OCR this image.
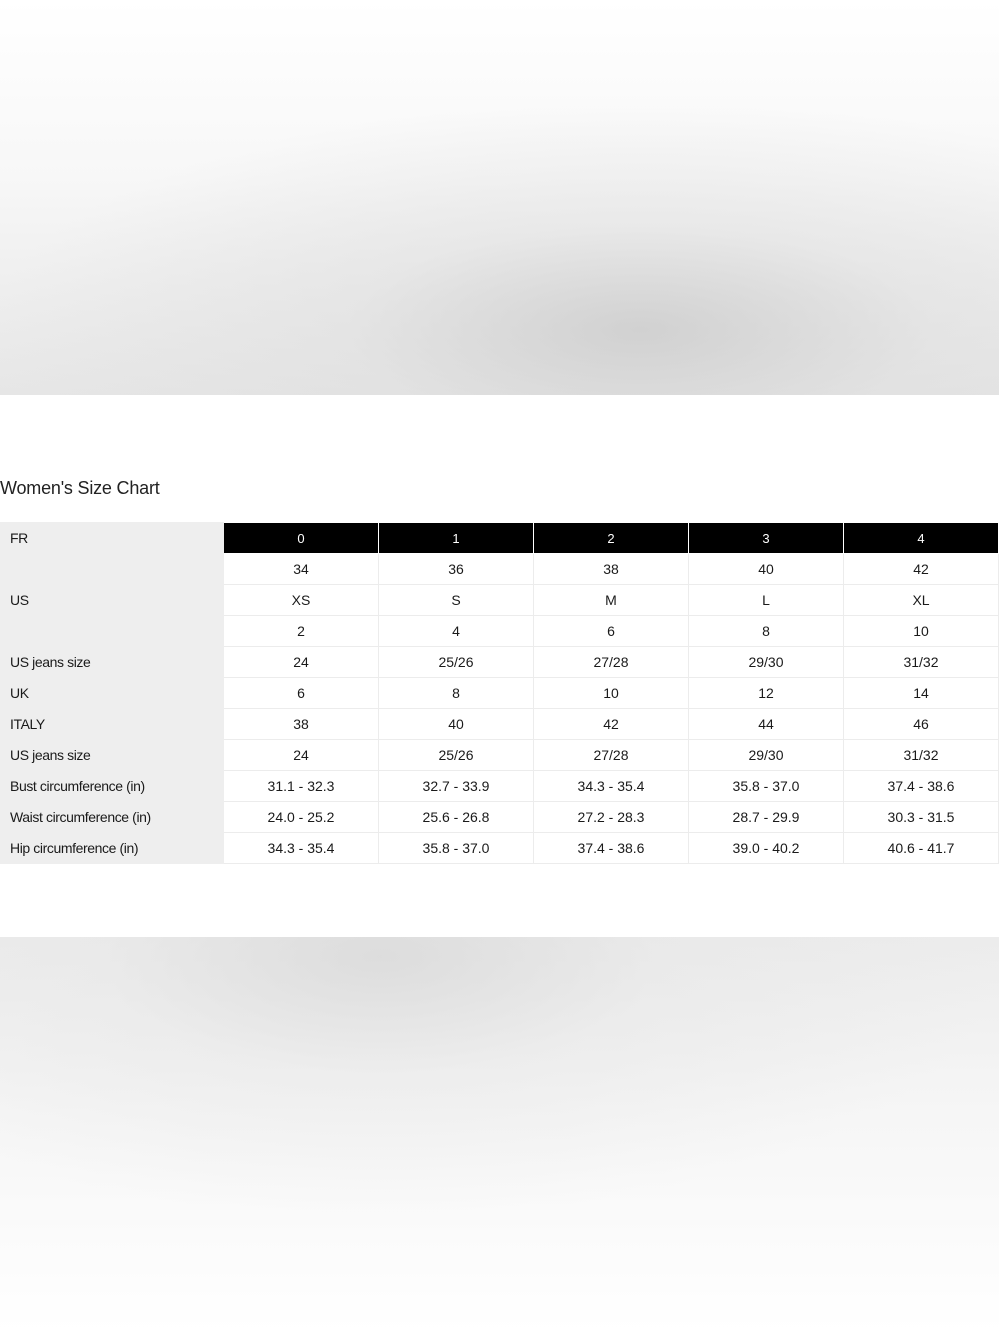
Women's Size Chart
FR	0	1	2	3	4
	34	36	38	40	42
US	XS	S	M	L	XL
	2	4	6	8	10
US jeans size	24	25/26	27/28	29/30	31/32
UK	6	8	10	12	14
ITALY	38	40	42	44	46
US jeans size	24	25/26	27/28	29/30	31/32
Bust circumference (in)	31.1 - 32.3	32.7 - 33.9	34.3 - 35.4	35.8 - 37.0	37.4 - 38.6
Waist circumference (in)	24.0 - 25.2	25.6 - 26.8	27.2 - 28.3	28.7 - 29.9	30.3 - 31.5
Hip circumference (in)	34.3 - 35.4	35.8 - 37.0	37.4 - 38.6	39.0 - 40.2	40.6 - 41.7
